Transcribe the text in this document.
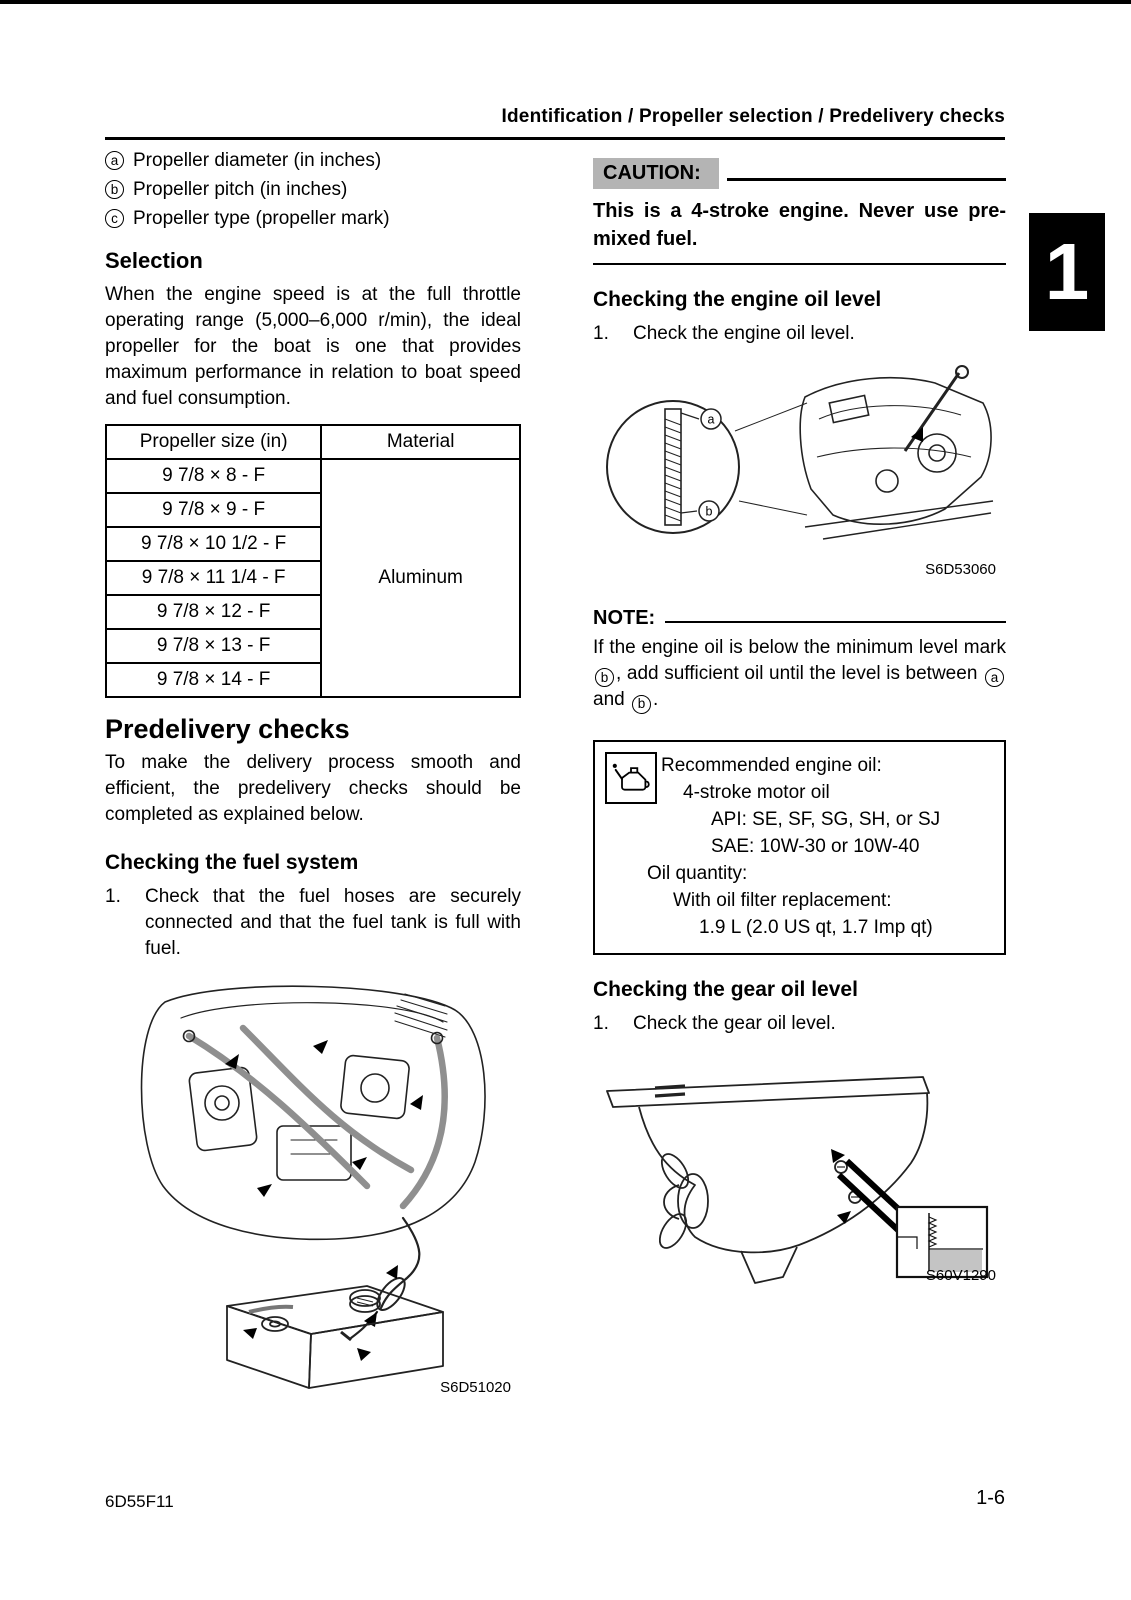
Identification / Propeller selection / Predelivery checks
1
a Propeller diameter (in inches)
b Propeller pitch (in inches)
c Propeller type (propeller mark)
Selection

When the engine speed is at the full throttle operating range (5,000–6,000 r/min), the ideal propeller for the boat is one that provides maximum performance in relation to boat speed and fuel consumption.

Propeller size (in)	Material
9 7/8 × 8 - F	Aluminum
9 7/8 × 9 - F	
9 7/8 × 10 1/2 - F	
9 7/8 × 11 1/4 - F	
9 7/8 × 12 - F	
9 7/8 × 13 - F	
9 7/8 × 14 - F	
Predelivery checks

To make the delivery process smooth and efficient, the predelivery checks should be completed as explained below.

Checking the fuel system
1.	Check that the fuel hoses are securely connected and that the fuel tank is full with fuel.
S6D51020
CAUTION:

This is a 4-stroke engine. Never use pre-mixed fuel.

Checking the engine oil level
1.	Check the engine oil level.
a
b
S6D53060
NOTE:

If the engine oil is below the minimum level mark b , add sufficient oil until the level is between a and b .

Recommended engine oil:
4-stroke motor oil
API: SE, SF, SG, SH, or SJ
SAE: 10W-30 or 10W-40
Oil quantity:
With oil filter replacement:
1.9 L (2.0 US qt, 1.7 Imp qt)
Checking the gear oil level
1.	Check the gear oil level.
S60V1290
6D55F11	1-6
